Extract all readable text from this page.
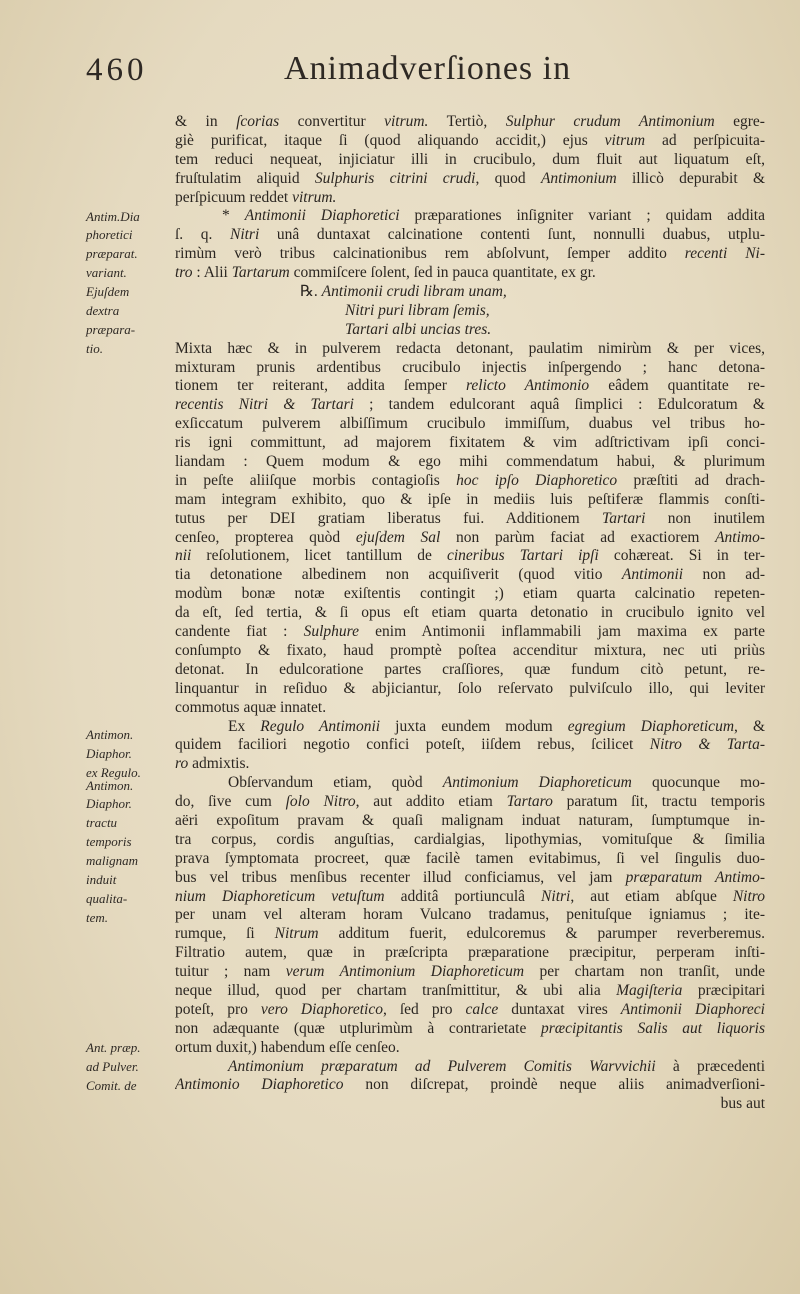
460	Animadverſiones in
Antim.Dia
phoretici
præparat.
variant.
Ejuſdem
dextra
præpara-
tio.
Antimon.
Diaphor.
ex Regulo.
Antimon.
Diaphor.
tractu
temporis
malignam
induit
qualita-
tem.
Ant. præp.
ad Pulver.
Comit. de
& in ſcorias convertitur vitrum. Tertiò, Sulphur crudum Antimonium egre-
giè purificat, itaque ſi (quod aliquando accidit,) ejus vitrum ad perſpicuita-
tem reduci nequeat, injiciatur illi in crucibulo, dum fluit aut liquatum eſt,
fruſtulatim aliquid Sulphuris citrini crudi, quod Antimonium illicò depurabit &
perſpicuum reddet vitrum.
* Antimonii Diaphoretici præparationes inſigniter variant ; quidam addita
ſ. q. Nitri unâ duntaxat calcinatione contenti ſunt, nonnulli duabus, utplu-
rimùm verò tribus calcinationibus rem abſolvunt, ſemper addito recenti Ni-
tro : Alii Tartarum commiſcere ſolent, ſed in pauca quantitate, ex gr.
℞. Antimonii crudi libram unam,
Nitri puri libram ſemis,
Tartari albi uncias tres.
Mixta hæc & in pulverem redacta detonant, paulatim nimirùm & per vices,
mixturam prunis ardentibus crucibulo injectis inſpergendo ; hanc detona-
tionem ter reiterant, addita ſemper relicto Antimonio eâdem quantitate re-
recentis Nitri & Tartari ; tandem edulcorant aquâ ſimplici : Edulcoratum &
exſiccatum pulverem albiſſimum crucibulo immiſſum, duabus vel tribus ho-
ris igni committunt, ad majorem fixitatem & vim adſtrictivam ipſi conci-
liandam : Quem modum & ego mihi commendatum habui, & plurimum
in peſte aliiſque morbis contagioſis hoc ipſo Diaphoretico præſtiti ad drach-
mam integram exhibito, quo & ipſe in mediis luis peſtiferæ flammis conſti-
tutus per DEI gratiam liberatus fui. Additionem Tartari non inutilem
cenſeo, propterea quòd ejuſdem Sal non parùm faciat ad exactiorem Antimo-
nii reſolutionem, licet tantillum de cineribus Tartari ipſi cohæreat. Si in ter-
tia detonatione albedinem non acquiſiverit (quod vitio Antimonii non ad-
modùm bonæ notæ exiſtentis contingit ;) etiam quarta calcinatio repeten-
da eſt, ſed tertia, & ſi opus eſt etiam quarta detonatio in crucibulo ignito vel
candente fiat : Sulphure enim Antimonii inflammabili jam maxima ex parte
conſumpto & fixato, haud promptè poſtea accenditur mixtura, nec uti priùs
detonat. In edulcoratione partes craſſiores, quæ fundum citò petunt, re-
linquantur in reſiduo & abjiciantur, ſolo reſervato pulviſculo illo, qui leviter
commotus aquæ innatet.
Ex Regulo Antimonii juxta eundem modum egregium Diaphoreticum, &
quidem faciliori negotio confici poteſt, iiſdem rebus, ſcilicet Nitro & Tarta-
ro admixtis.
Obſervandum etiam, quòd Antimonium Diaphoreticum quocunque mo-
do, ſive cum ſolo Nitro, aut addito etiam Tartaro paratum ſit, tractu temporis
aëri expoſitum pravam & quaſi malignam induat naturam, ſumptumque in-
tra corpus, cordis anguſtias, cardialgias, lipothymias, vomituſque & ſimilia
prava ſymptomata procreet, quæ facilè tamen evitabimus, ſi vel ſingulis duo-
bus vel tribus menſibus recenter illud conficiamus, vel jam præparatum Antimo-
nium Diaphoreticum vetuſtum additâ portiunculâ Nitri, aut etiam abſque Nitro
per unam vel alteram horam Vulcano tradamus, penituſque igniamus ; ite-
rumque, ſi Nitrum additum fuerit, edulcoremus & parumper reverberemus.
Filtratio autem, quæ in præſcripta præparatione præcipitur, perperam inſti-
tuitur ; nam verum Antimonium Diaphoreticum per chartam non tranſit, unde
neque illud, quod per chartam tranſmittitur, & ubi alia Magiſteria præcipitari
poteſt, pro vero Diaphoretico, ſed pro calce duntaxat vires Antimonii Diaphoreci
non adæquante (quæ utplurimùm à contrarietate præcipitantis Salis aut liquoris
ortum duxit,) habendum eſſe cenſeo.
Antimonium præparatum ad Pulverem Comitis Warvvichii à præcedenti
Antimonio Diaphoretico non diſcrepat, proindè neque aliis animadverſioni-
bus aut
